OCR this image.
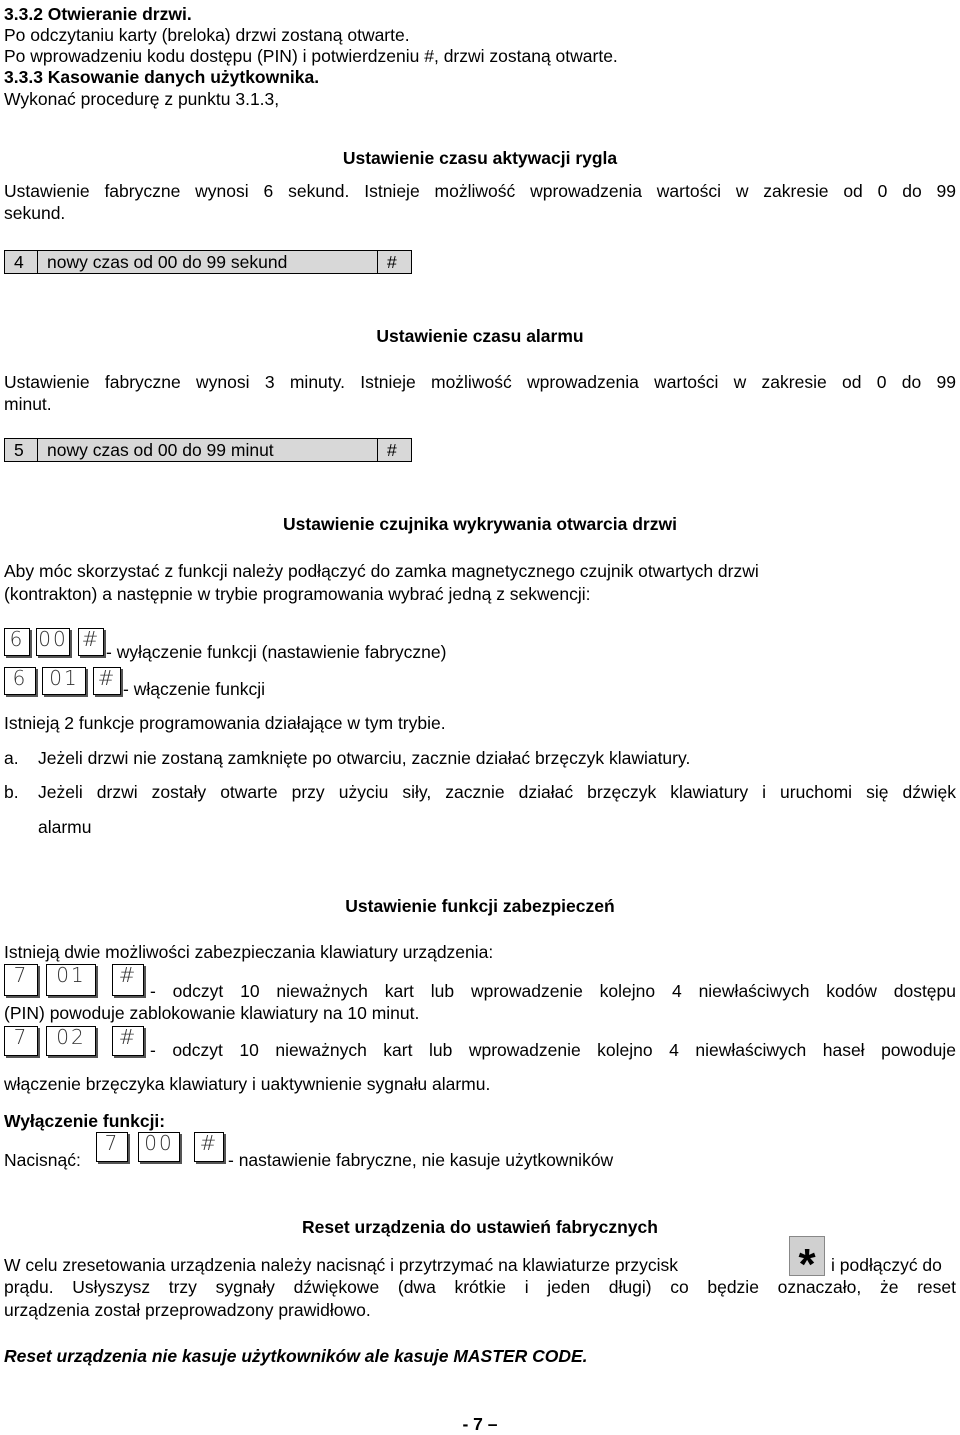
3.3.2 Otwieranie drzwi.
Po odczytaniu karty (breloka) drzwi zostaną otwarte.
Po wprowadzeniu kodu dostępu (PIN) i potwierdzeniu #, drzwi zostaną otwarte.
3.3.3 Kasowanie danych użytkownika.
Wykonać procedurę z punktu 3.1.3,
Ustawienie czasu aktywacji rygla
Ustawienie fabryczne wynosi 6 sekund. Istnieje możliwość wprowadzenia wartości w zakresie od 0 do 99
sekund.
4	nowy czas od 00 do 99 sekund	#
Ustawienie czasu alarmu
Ustawienie fabryczne wynosi 3 minuty. Istnieje możliwość wprowadzenia wartości w zakresie od 0 do 99
minut.
5	nowy czas od 00 do 99 minut	#
Ustawienie czujnika wykrywania otwarcia drzwi
Aby móc skorzystać z funkcji należy podłączyć do zamka magnetycznego czujnik otwartych drzwi
(kontrakton) a następnie w trybie programowania wybrać jedną z sekwencji:
6 00 #
- wyłączenie funkcji (nastawienie fabryczne)
6	01 # - włączenie funkcji
Istnieją 2 funkcje programowania działające w tym trybie.
a. Jeżeli drzwi nie zostaną zamknięte po otwarciu, zacznie działać brzęczyk klawiatury.
b. Jeżeli drzwi zostały otwarte przy użyciu siły, zacznie działać brzęczyk klawiatury i uruchomi się dźwięk
alarmu
Ustawienie funkcji zabezpieczeń
Istnieją dwie możliwości zabezpieczania klawiatury urządzenia:
7	01	#
- odczyt 10 nieważnych kart lub wprowadzenie kolejno 4 niewłaściwych kodów dostępu
(PIN) powoduje zablokowanie klawiatury na 10 minut.
7	02	#
- odczyt 10 nieważnych kart lub wprowadzenie kolejno 4 niewłaściwych haseł powoduje
włączenie brzęczyka klawiatury i uaktywnienie sygnału alarmu.
Wyłączenie funkcji:
Nacisnąć:
7	00 #
- nastawienie fabryczne, nie kasuje użytkowników
Reset urządzenia do ustawień fabrycznych
W celu zresetowania urządzenia należy nacisnąć i przytrzymać na klawiaturze przycisk	* i podłączyć do
prądu. Usłyszysz trzy sygnały dźwiękowe (dwa krótkie i jeden długi) co będzie oznaczało, że reset
urządzenia został przeprowadzony prawidłowo.
Reset urządzenia nie kasuje użytkowników ale kasuje MASTER CODE.
- 7 –
